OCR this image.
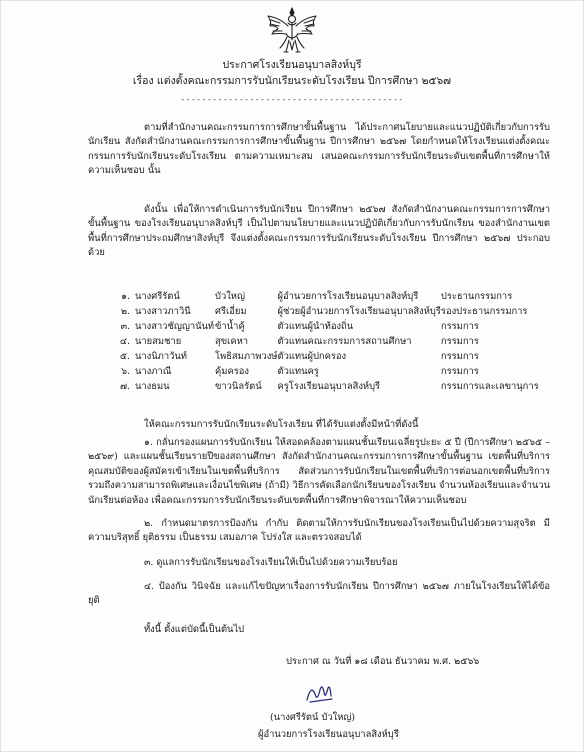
ประกาศโรงเรียนอนุบาลสิงห์บุรี
เรื่อง แต่งตั้งคณะกรรมการรับนักเรียนระดับโรงเรียน ปีการศึกษา ๒๕๖๗
------------------------------------------
ตามที่สำนักงานคณะกรรมการการศึกษาขั้นพื้นฐาน ได้ประกาศนโยบายและแนวปฏิบัติเกี่ยวกับการรับนักเรียน สังกัดสำนักงานคณะกรรมการการศึกษาขั้นพื้นฐาน ปีการศึกษา ๒๕๖๗ โดยกำหนดให้โรงเรียนแต่งตั้งคณะกรรมการรับนักเรียนระดับโรงเรียน ตามความเหมาะสม เสนอคณะกรรมการรับนักเรียนระดับเขตพื้นที่การศึกษาให้ความเห็นชอบ นั้น
ดังนั้น เพื่อให้การดำเนินการรับนักเรียน ปีการศึกษา ๒๕๖๗ สังกัดสำนักงานคณะกรรมการการศึกษาขั้นพื้นฐาน ของโรงเรียนอนุบาลสิงห์บุรี เป็นไปตามนโยบายและแนวปฏิบัติเกี่ยวกับการรับนักเรียน ของสำนักงานเขตพื้นที่การศึกษาประถมศึกษาสิงห์บุรี จึงแต่งตั้งคณะกรรมการรับนักเรียนระดับโรงเรียน ปีการศึกษา ๒๕๖๗ ประกอบด้วย
๑.	นางศรีรัตน์	บัวใหญ่	ผู้อำนวยการโรงเรียนอนุบาลสิงห์บุรี	ประธานกรรมการ
๒.	นางสาวภาวินี	ศรีเอี่ยม	ผู้ช่วยผู้อำนวยการโรงเรียนอนุบาลสิงห์บุรี	รองประธานกรรมการ
๓.	นางสาวชัญญานันท์	ข้าน้ำคู้	ตัวแทนผู้นำท้องถิ่น	กรรมการ
๔.	นายสมชาย	สุขเคหา	ตัวแทนคณะกรรมการสถานศึกษา	กรรมการ
๕.	นางนิภาวันท์	โพธิสมภาพวงษ์	ตัวแทนผู้ปกครอง	กรรมการ
๖.	นางภาณี	คุ้มครอง	ตัวแทนครู	กรรมการ
๗.	นางธมน	ขาวนิลรัตน์	ครูโรงเรียนอนุบาลสิงห์บุรี	กรรมการและเลขานุการ
ให้คณะกรรมการรับนักเรียนระดับโรงเรียน ที่ได้รับแต่งตั้งมีหน้าที่ดังนี้
๑. กลั่นกรองแผนการรับนักเรียน ให้สอดคล้องตามแผนชั้นเรียนเฉลี่ยรูปะยะ ๕ ปี (ปีการศึกษา ๒๕๖๕ – ๒๕๖๙) และแผนชั้นเรียนรายปีของสถานศึกษา สังกัดสำนักงานคณะกรรมการการศึกษาขั้นพื้นฐาน เขตพื้นที่บริการ คุณสมบัติของผู้สมัครเข้าเรียนในเขตพื้นที่บริการ สัดส่วนการรับนักเรียนในเขตพื้นที่บริการต่อนอกเขตพื้นที่บริการ รวมถึงความสามารถพิเศษและเงื่อนไขพิเศษ (ถ้ามี) วิธีการคัดเลือกนักเรียนของโรงเรียน จำนวนห้องเรียนและจำนวนนักเรียนต่อห้อง เพื่อคณะกรรมการรับนักเรียนระดับเขตพื้นที่การศึกษาพิจารณาให้ความเห็นชอบ
๒. กำหนดมาตรการป้องกัน กำกับ ติดตามให้การรับนักเรียนของโรงเรียนเป็นไปด้วยความสุจริต มีความบริสุทธิ์ ยุติธรรม เป็นธรรม เสมอภาค โปร่งใส และตรวจสอบได้
๓. ดูแลการรับนักเรียนของโรงเรียนให้เป็นไปด้วยความเรียบร้อย
๔. ป้องกัน วินิจฉัย และแก้ไขปัญหาเรื่องการรับนักเรียน ปีการศึกษา ๒๕๖๗ ภายในโรงเรียนให้ได้ข้อยุติ
ทั้งนี้ ตั้งแต่บัดนี้เป็นต้นไป
ประกาศ ณ วันที่ ๑๘ เดือน ธันวาคม พ.ศ. ๒๕๖๖
(นางศรีรัตน์ บัวใหญ่)
ผู้อำนวยการโรงเรียนอนุบาลสิงห์บุรี
